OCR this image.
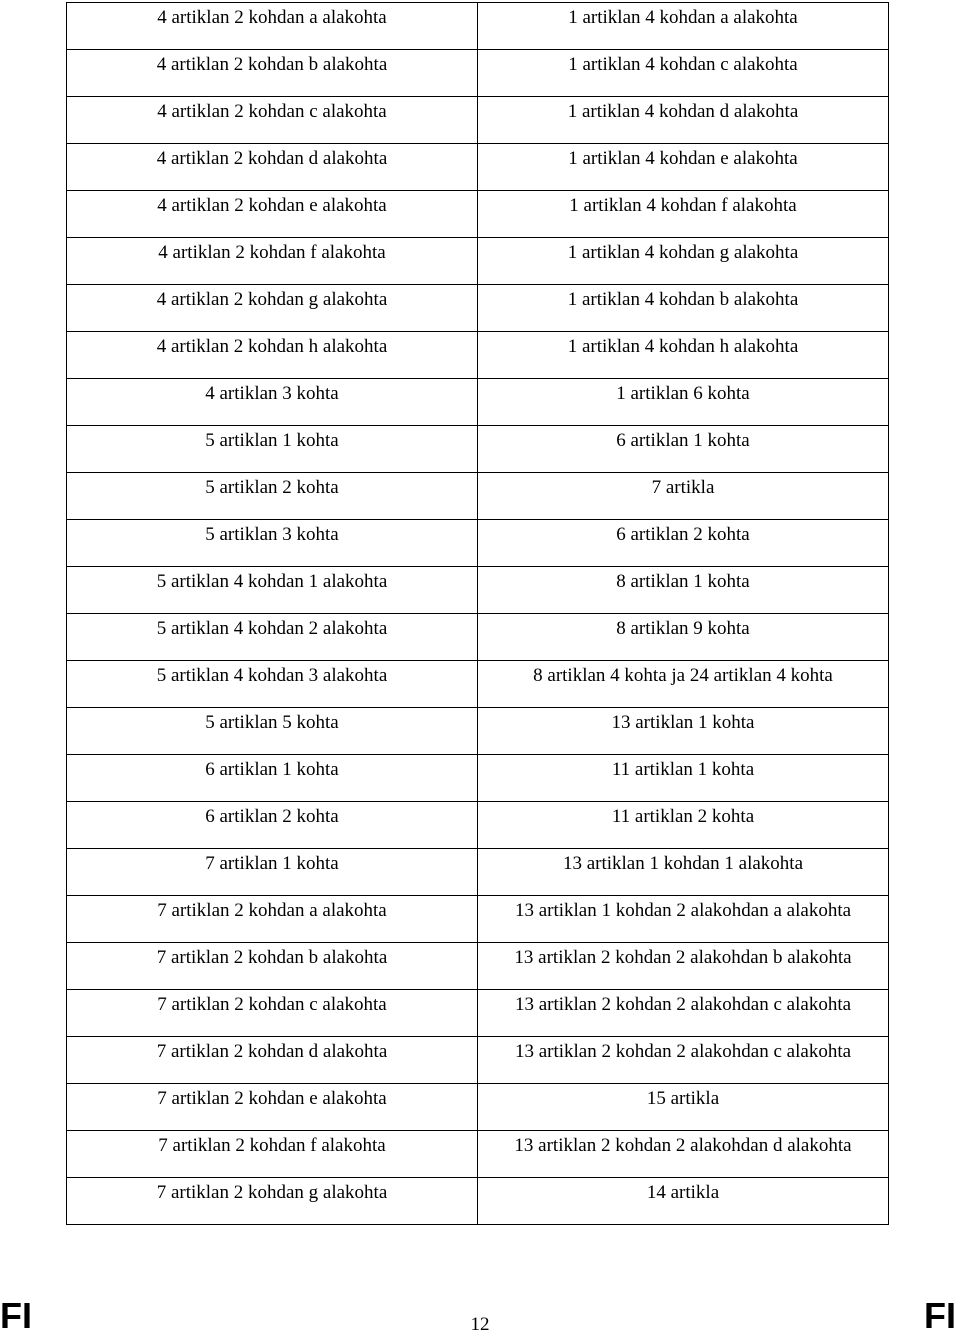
4 artiklan 2 kohdan a alakohta	1 artiklan 4 kohdan a alakohta

4 artiklan 2 kohdan b alakohta	1 artiklan 4 kohdan c alakohta

4 artiklan 2 kohdan c alakohta	1 artiklan 4 kohdan d alakohta

4 artiklan 2 kohdan d alakohta	1 artiklan 4 kohdan e alakohta

4 artiklan 2 kohdan e alakohta	1 artiklan 4 kohdan f alakohta

4 artiklan 2 kohdan f alakohta	1 artiklan 4 kohdan g alakohta

4 artiklan 2 kohdan g alakohta	1 artiklan 4 kohdan b alakohta

4 artiklan 2 kohdan h alakohta	1 artiklan 4 kohdan h alakohta

4 artiklan 3 kohta	1 artiklan 6 kohta

5 artiklan 1 kohta	6 artiklan 1 kohta

5 artiklan 2 kohta	7 artikla

5 artiklan 3 kohta	6 artiklan 2 kohta

5 artiklan 4 kohdan 1 alakohta	8 artiklan 1 kohta

5 artiklan 4 kohdan 2 alakohta	8 artiklan 9 kohta

5 artiklan 4 kohdan 3 alakohta	8 artiklan 4 kohta ja 24 artiklan 4 kohta

5 artiklan 5 kohta	13 artiklan 1 kohta

6 artiklan 1 kohta	11 artiklan 1 kohta

6 artiklan 2 kohta	11 artiklan 2 kohta

7 artiklan 1 kohta	13 artiklan 1 kohdan 1 alakohta

7 artiklan 2 kohdan a alakohta	13 artiklan 1 kohdan 2 alakohdan a alakohta

7 artiklan 2 kohdan b alakohta	13 artiklan 2 kohdan 2 alakohdan b alakohta

7 artiklan 2 kohdan c alakohta	13 artiklan 2 kohdan 2 alakohdan c alakohta

7 artiklan 2 kohdan d alakohta	13 artiklan 2 kohdan 2 alakohdan c alakohta

7 artiklan 2 kohdan e alakohta	15 artikla

7 artiklan 2 kohdan f alakohta	13 artiklan 2 kohdan 2 alakohdan d alakohta

7 artiklan 2 kohdan g alakohta	14 artikla
FI	12	FI
